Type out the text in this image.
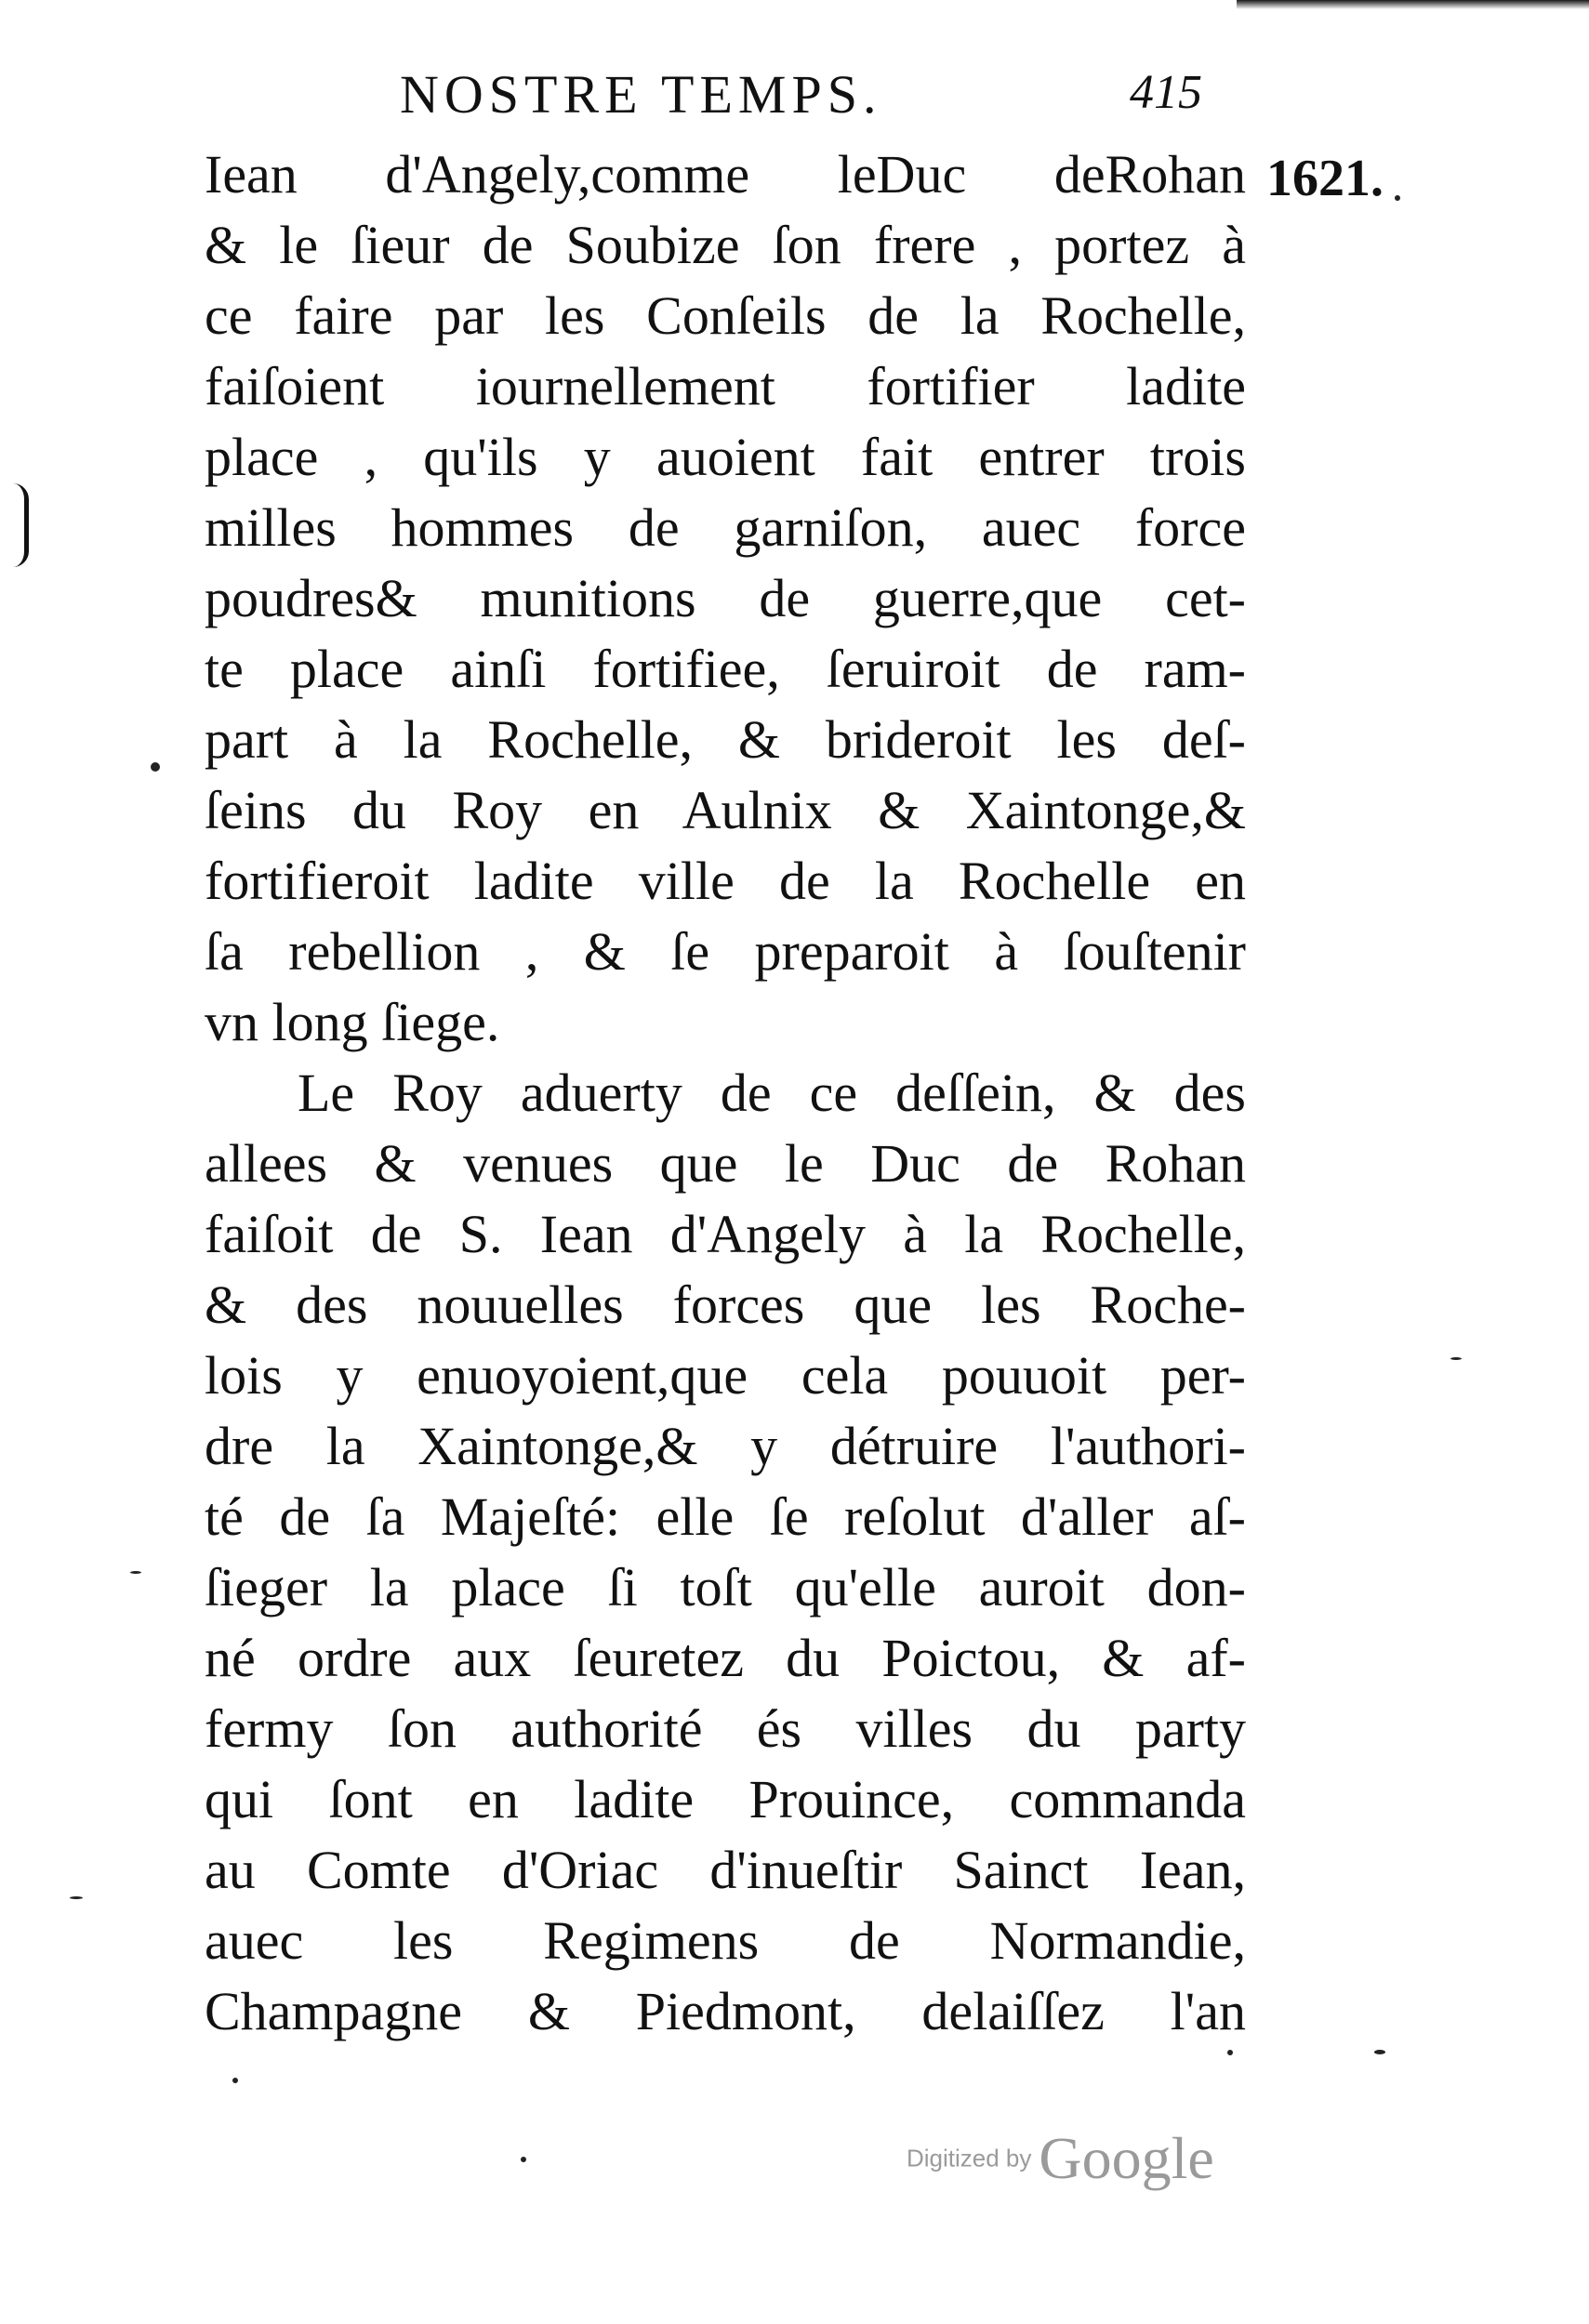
NOSTRE TEMPS.	415
1621.
Iean d'Angely,comme leDuc deRohan
& le ſieur de Soubize ſon frere , portez à
ce faire par les Conſeils de la Rochelle,
faiſoient iournellement fortifier ladite
place , qu'ils y auoient fait entrer trois
milles hommes de garniſon, auec force
poudres& munitions de guerre,que cet-
te place ainſi fortifiee, ſeruiroit de ram-
part à la Rochelle, & brideroit les deſ-
ſeins du Roy en Aulnix & Xaintonge,&
fortifieroit ladite ville de la Rochelle en
ſa rebellion , & ſe preparoit à ſouſtenir
vn long ſiege.
Le Roy aduerty de ce deſſein, & des
allees & venues que le Duc de Rohan
faiſoit de S. Iean d'Angely à la Rochelle,
& des nouuelles forces que les Roche-
lois y enuoyoient,que cela pouuoit per-
dre la Xaintonge,& y détruire l'authori-
té de ſa Majeſté: elle ſe reſolut d'aller aſ-
ſieger la place ſi toſt qu'elle auroit don-
né ordre aux ſeuretez du Poictou, & af-
fermy ſon authorité és villes du party
qui ſont en ladite Prouince, commanda
au Comte d'Oriac d'inueſtir Sainct Iean,
auec les Regimens de Normandie,
Champagne & Piedmont, delaiſſez l'an
Digitized by Google
